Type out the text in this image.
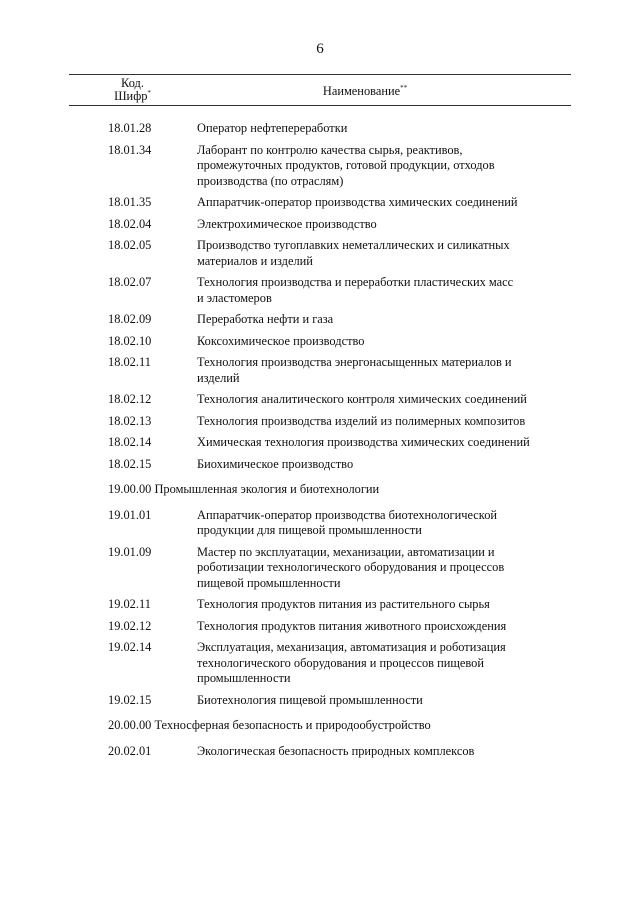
6
Код.
Шифр*	Наименование**
18.01.28	Оператор нефтепереработки
18.01.34	Лаборант по контролю качества сырья, реактивов,
промежуточных продуктов, готовой продукции, отходов
производства (по отраслям)
18.01.35	Аппаратчик-оператор производства химических соединений
18.02.04	Электрохимическое производство
18.02.05	Производство тугоплавких неметаллических и силикатных
материалов и изделий
18.02.07	Технология производства и переработки пластических масс
и эластомеров
18.02.09	Переработка нефти и газа
18.02.10	Коксохимическое производство
18.02.11	Технология производства энергонасыщенных материалов и
изделий
18.02.12	Технология аналитического контроля химических соединений
18.02.13	Технология производства изделий из полимерных композитов
18.02.14	Химическая технология производства химических соединений
18.02.15	Биохимическое производство
19.00.00 Промышленная экология и биотехнологии
19.01.01	Аппаратчик-оператор производства биотехнологической
продукции для пищевой промышленности
19.01.09	Мастер по эксплуатации, механизации, автоматизации и
роботизации технологического оборудования и процессов
пищевой промышленности
19.02.11	Технология продуктов питания из растительного сырья
19.02.12	Технология продуктов питания животного происхождения
19.02.14	Эксплуатация, механизация, автоматизация и роботизация
технологического оборудования и процессов пищевой
промышленности
19.02.15	Биотехнология пищевой промышленности
20.00.00 Техносферная безопасность и природообустройство
20.02.01	Экологическая безопасность природных комплексов
